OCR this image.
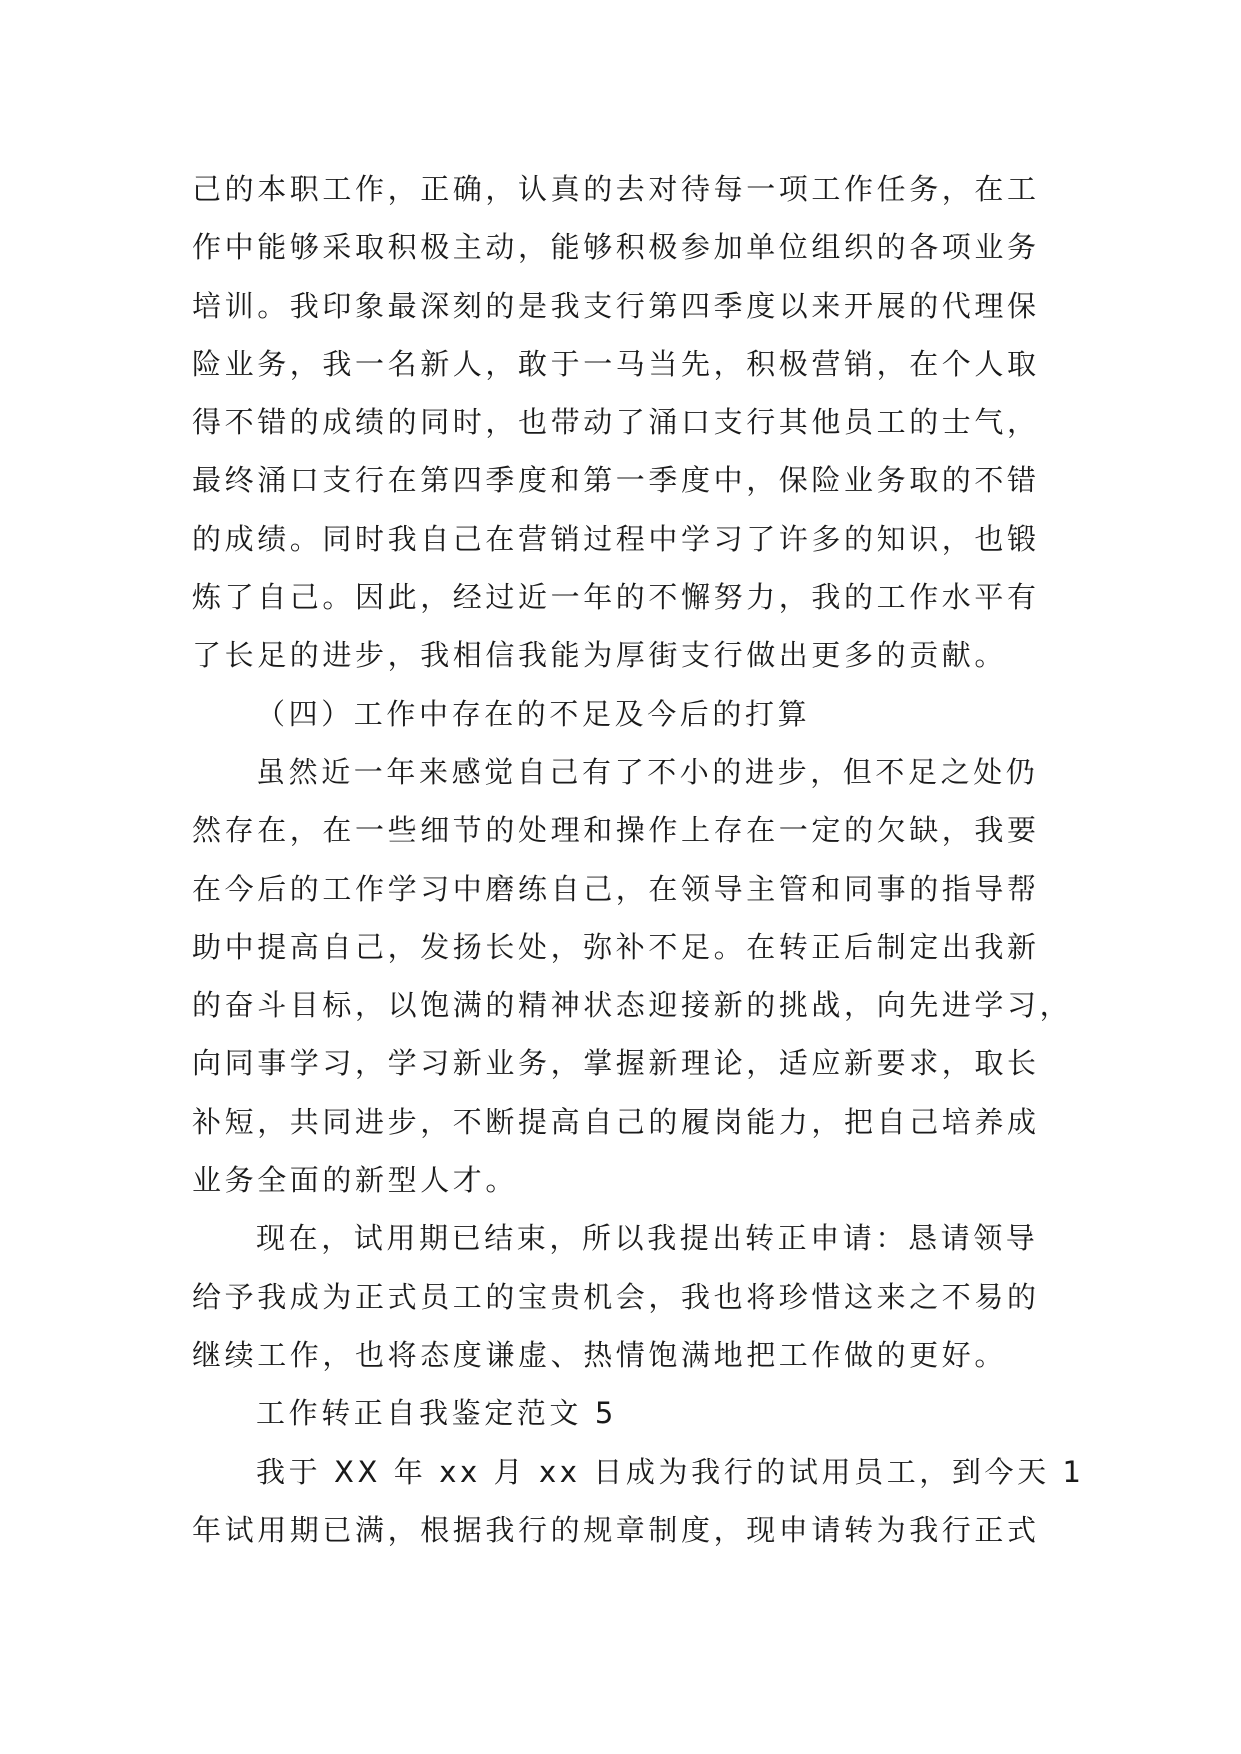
己的本职工作，正确，认真的去对待每一项工作任务，在工
作中能够采取积极主动，能够积极参加单位组织的各项业务
培训。我印象最深刻的是我支行第四季度以来开展的代理保
险业务，我一名新人，敢于一马当先，积极营销，在个人取
得不错的成绩的同时，也带动了涌口支行其他员工的士气，
最终涌口支行在第四季度和第一季度中，保险业务取的不错
的成绩。同时我自己在营销过程中学习了许多的知识，也锻
炼了自己。因此，经过近一年的不懈努力，我的工作水平有
了长足的进步，我相信我能为厚街支行做出更多的贡献。
（四）工作中存在的不足及今后的打算
虽然近一年来感觉自己有了不小的进步，但不足之处仍
然存在，在一些细节的处理和操作上存在一定的欠缺，我要
在今后的工作学习中磨练自己，在领导主管和同事的指导帮
助中提高自己，发扬长处，弥补不足。在转正后制定出我新
的奋斗目标，以饱满的精神状态迎接新的挑战，向先进学习，
向同事学习，学习新业务，掌握新理论，适应新要求，取长
补短，共同进步，不断提高自己的履岗能力，把自己培养成
业务全面的新型人才。
现在，试用期已结束，所以我提出转正申请：恳请领导
给予我成为正式员工的宝贵机会，我也将珍惜这来之不易的
继续工作，也将态度谦虚、热情饱满地把工作做的更好。
工作转正自我鉴定范文 5
我于 XX 年 xx 月 xx 日成为我行的试用员工，到今天 1
年试用期已满，根据我行的规章制度，现申请转为我行正式
